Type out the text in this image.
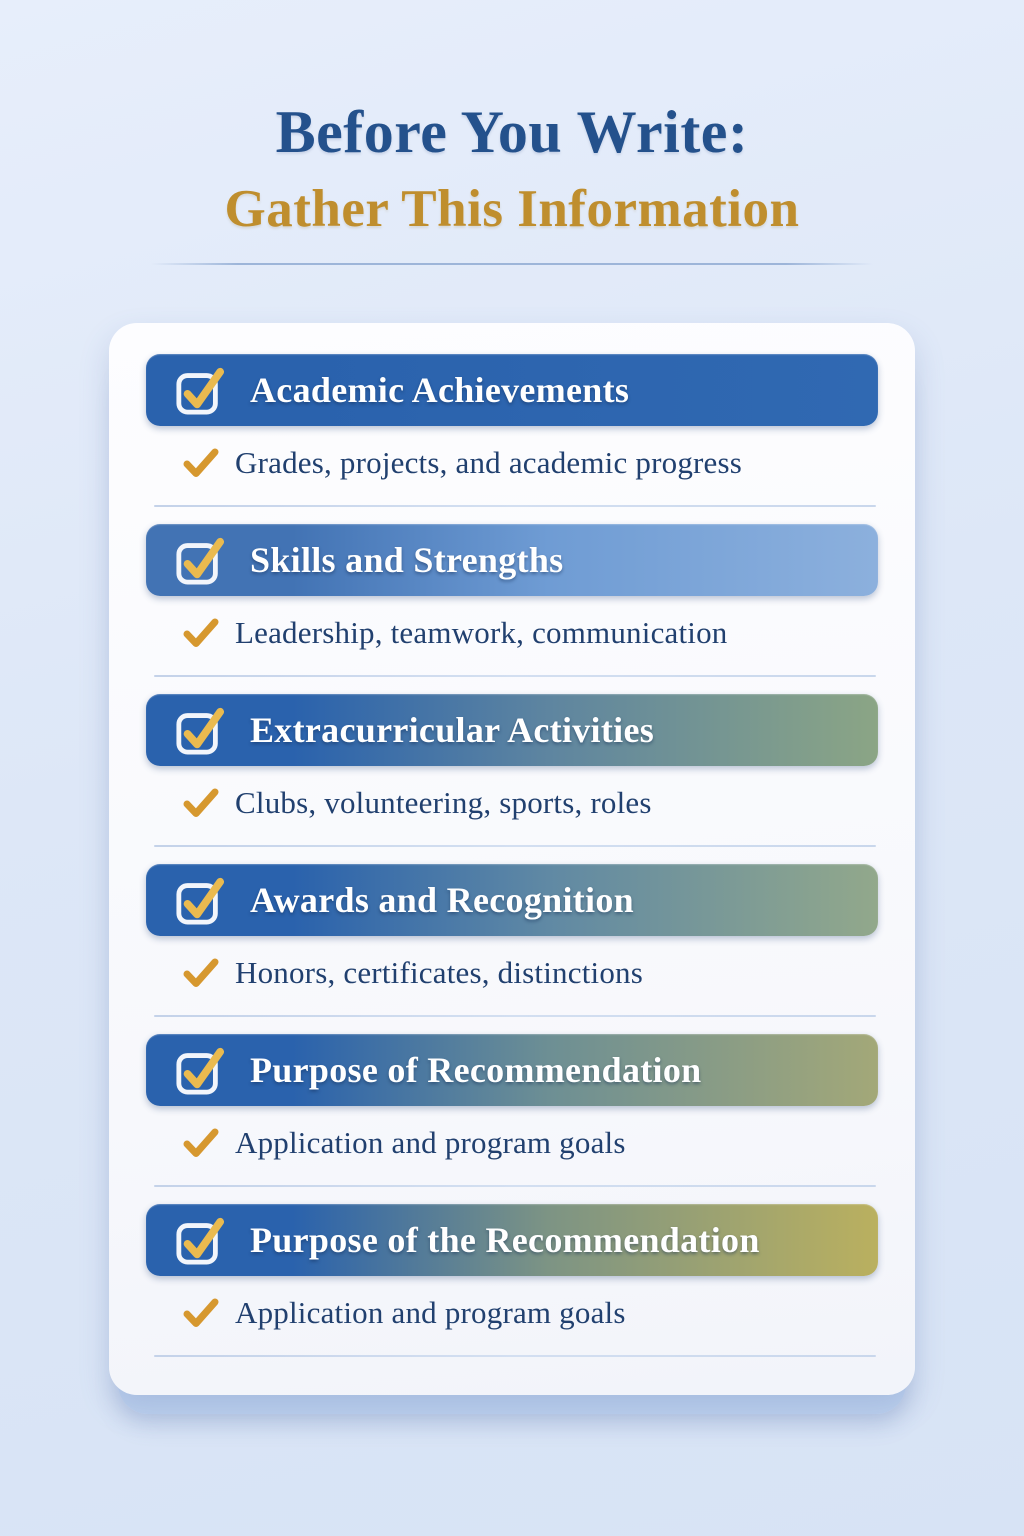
Before You Write:
Gather This Information
Academic Achievements
Grades, projects, and academic progress
Skills and Strengths
Leadership, teamwork, communication
Extracurricular Activities
Clubs, volunteering, sports, roles
Awards and Recognition
Honors, certificates, distinctions
Purpose of Recommendation
Application and program goals
Purpose of the Recommendation
Application and program goals
